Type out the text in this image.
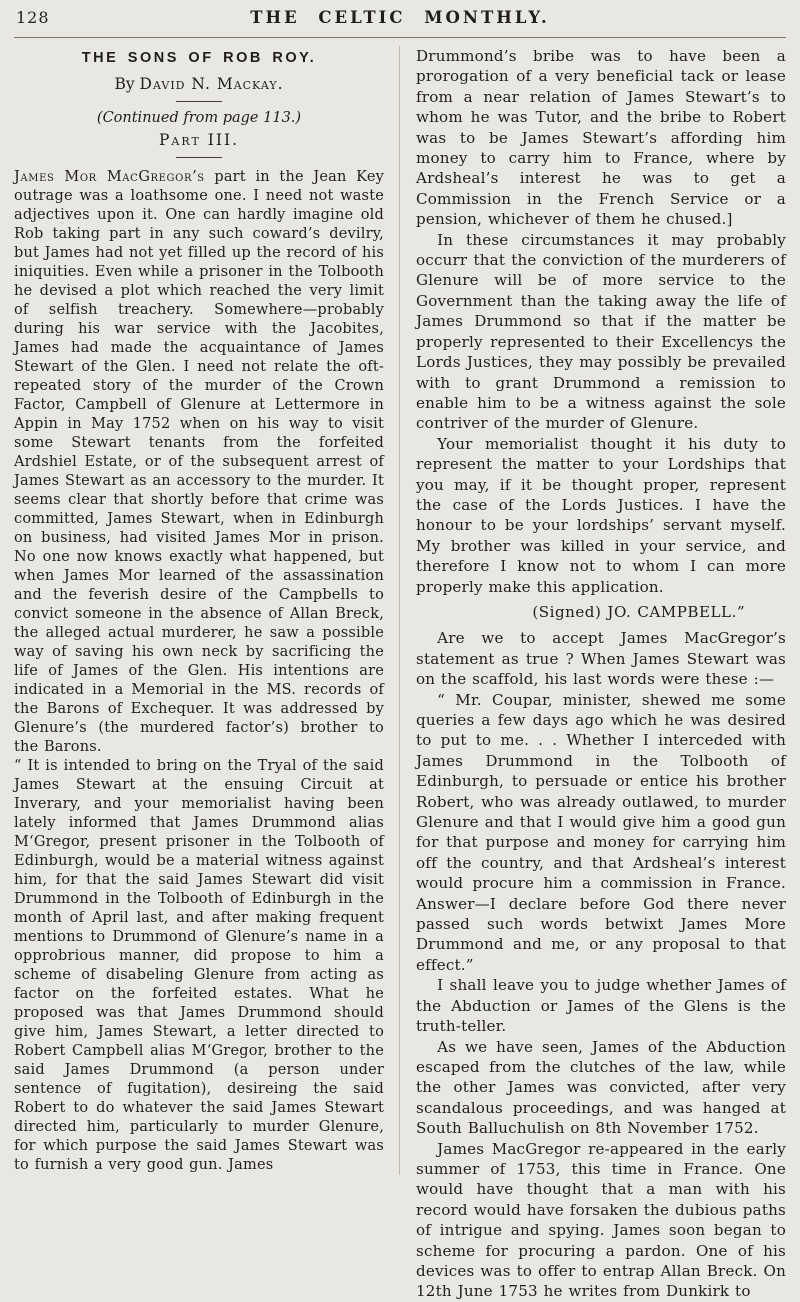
128	THE CELTIC MONTHLY.
THE SONS OF ROB ROY.
By David N. Mackay.
(Continued from page 113.)
Part III.

James Mor MacGregor’s part in the Jean Key outrage was a loathsome one. I need not waste adjectives upon it. One can hardly imagine old Rob taking part in any such coward’s devilry, but James had not yet filled up the record of his iniquities. Even while a prisoner in the Tolbooth he devised a plot which reached the very limit of selfish treachery. Somewhere—probably during his war service with the Jacobites, James had made the acquaintance of James Stewart of the Glen. I need not relate the oft-repeated story of the murder of the Crown Factor, Campbell of Glenure at Lettermore in Appin in May 1752 when on his way to visit some Stewart tenants from the forfeited Ardshiel Estate, or of the subsequent arrest of James Stewart as an accessory to the murder. It seems clear that shortly before that crime was committed, James Stewart, when in Edinburgh on business, had visited James Mor in prison. No one now knows exactly what happened, but when James Mor learned of the assassination and the feverish desire of the Campbells to convict someone in the absence of Allan Breck, the alleged actual murderer, he saw a possible way of saving his own neck by sacrificing the life of James of the Glen. His intentions are indicated in a Memorial in the MS. records of the Barons of Exchequer. It was addressed by Glenure’s (the murdered factor’s) brother to the Barons.

“ It is intended to bring on the Tryal of the said James Stewart at the ensuing Circuit at Inverary, and your memorialist having been lately informed that James Drummond alias M‘Gregor, present prisoner in the Tolbooth of Edinburgh, would be a material witness against him, for that the said James Stewart did visit Drummond in the Tolbooth of Edinburgh in the month of April last, and after making frequent mentions to Drummond of Glenure’s name in a opprobrious manner, did propose to him a scheme of disabeling Glenure from acting as factor on the forfeited estates. What he proposed was that James Drummond should give him, James Stewart, a letter directed to Robert Campbell alias M‘Gregor, brother to the said James Drummond (a person under sentence of fugitation), desireing the said Robert to do whatever the said James Stewart directed him, particularly to murder Glenure, for which purpose the said James Stewart was to furnish a very good gun. James

Drummond’s bribe was to have been a prorogation of a very beneficial tack or lease from a near relation of James Stewart’s to whom he was Tutor, and the bribe to Robert was to be James Stewart’s affording him money to carry him to France, where by Ardsheal’s interest he was to get a Commission in the French Service or a pension, whichever of them he chused.]

In these circumstances it may probably occurr that the conviction of the murderers of Glenure will be of more service to the Government than the taking away the life of James Drummond so that if the matter be properly represented to their Excellencys the Lords Justices, they may possibly be prevailed with to grant Drummond a remission to enable him to be a witness against the sole contriver of the murder of Glenure.

Your memorialist thought it his duty to represent the matter to your Lordships that you may, if it be thought proper, represent the case of the Lords Justices. I have the honour to be your lordships’ servant myself. My brother was killed in your service, and therefore I know not to whom I can more properly make this application.

(Signed) JO. CAMPBELL.”

Are we to accept James MacGregor’s statement as true ? When James Stewart was on the scaffold, his last words were these :—

“ Mr. Coupar, minister, shewed me some queries a few days ago which he was desired to put to me. . . Whether I interceded with James Drummond in the Tolbooth of Edinburgh, to persuade or entice his brother Robert, who was already outlawed, to murder Glenure and that I would give him a good gun for that purpose and money for carrying him off the country, and that Ardsheal’s interest would procure him a commission in France. Answer—I declare before God there never passed such words betwixt James More Drummond and me, or any proposal to that effect.”

I shall leave you to judge whether James of the Abduction or James of the Glens is the truth-teller.

As we have seen, James of the Abduction escaped from the clutches of the law, while the other James was convicted, after very scandalous proceedings, and was hanged at South Balluchulish on 8th November 1752.

James MacGregor re-appeared in the early summer of 1753, this time in France. One would have thought that a man with his record would have forsaken the dubious paths of intrigue and spying. James soon began to scheme for procuring a pardon. One of his devices was to offer to entrap Allan Breck. On 12th June 1753 he writes from Dunkirk to
